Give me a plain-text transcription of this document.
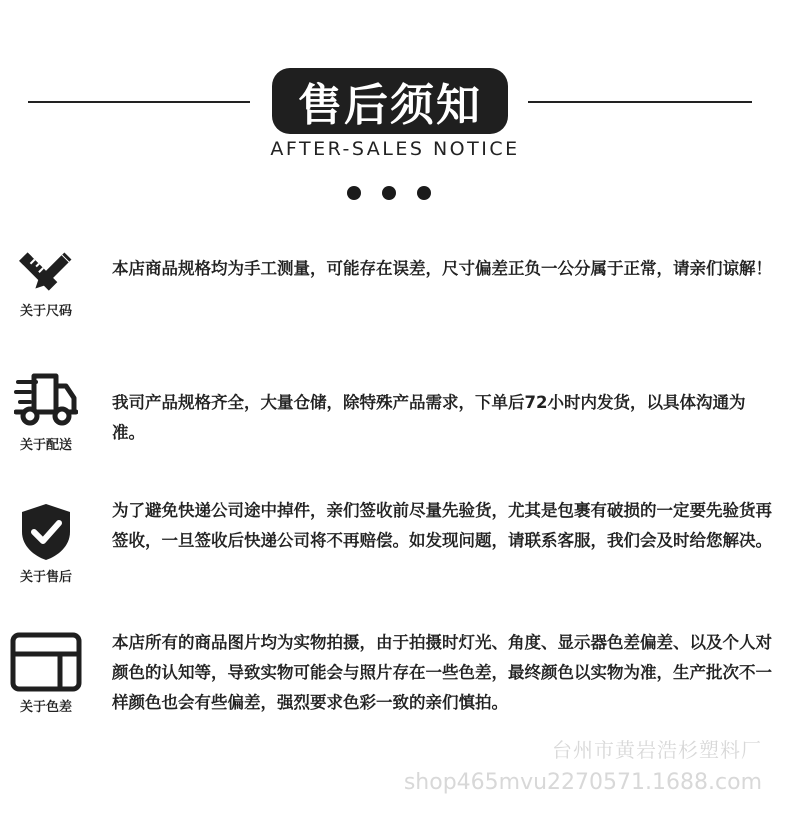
售后须知
AFTER-SALES NOTICE
关于尺码
本店商品规格均为手工测量，可能存在误差，尺寸偏差正负一公分属于正常，请亲们谅解！
关于配送
我司产品规格齐全，大量仓储，除特殊产品需求，下单后72小时内发货，以具体沟通为准。
关于售后
为了避免快递公司途中掉件，亲们签收前尽量先验货，尤其是包裹有破损的一定要先验货再签收，一旦签收后快递公司将不再赔偿。如发现问题，请联系客服，我们会及时给您解决。
关于色差
本店所有的商品图片均为实物拍摄，由于拍摄时灯光、角度、显示器色差偏差、以及个人对颜色的认知等，导致实物可能会与照片存在一些色差，最终颜色以实物为准，生产批次不一样颜色也会有些偏差，强烈要求色彩一致的亲们慎拍。
台州市黄岩浩杉塑料厂
shop465mvu2270571.1688.com
